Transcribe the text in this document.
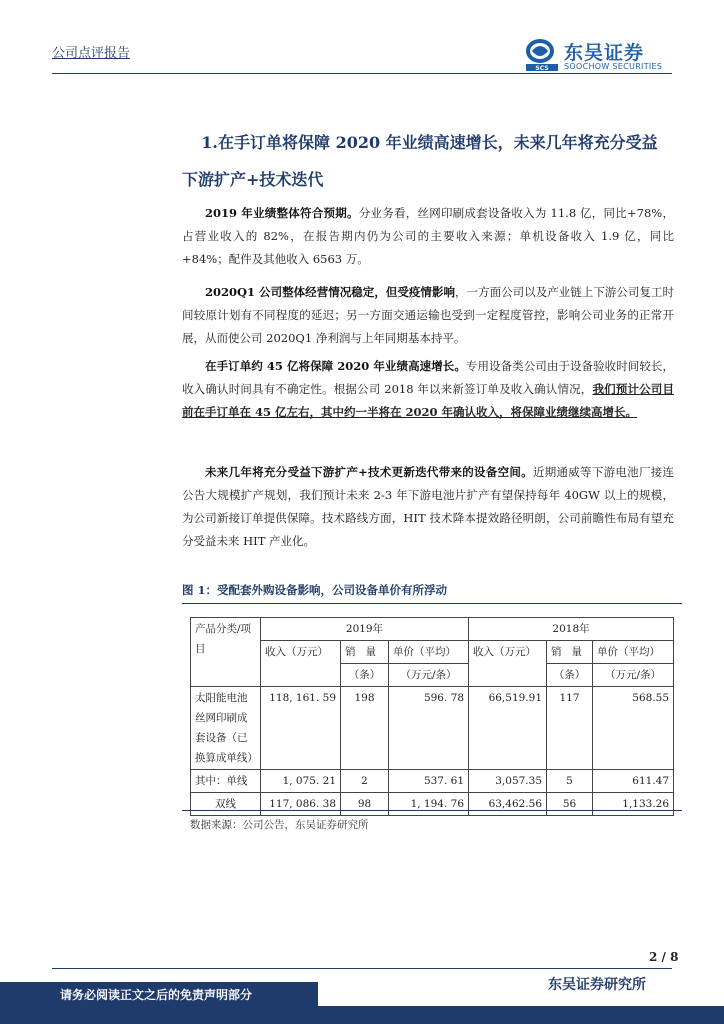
公司点评报告
SCS
东吴证券
SOOCHOW SECURITIES
1.在手订单将保障 2020 年业绩高速增长，未来几年将充分受益
下游扩产+技术迭代
2019 年业绩整体符合预期。分业务看，丝网印刷成套设备收入为 11.8 亿，同比+78%，占营业收入的 82%，在报告期内仍为公司的主要收入来源；单机设备收入 1.9 亿，同比+84%；配件及其他收入 6563 万。
2020Q1 公司整体经营情况稳定，但受疫情影响，一方面公司以及产业链上下游公司复工时间较原计划有不同程度的延迟；另一方面交通运输也受到一定程度管控，影响公司业务的正常开展，从而使公司 2020Q1 净利润与上年同期基本持平。
在手订单约 45 亿将保障 2020 年业绩高速增长。专用设备类公司由于设备验收时间较长，收入确认时间具有不确定性。根据公司 2018 年以来新签订单及收入确认情况，我们预计公司目前在手订单在 45 亿左右，其中约一半将在 2020 年确认收入，将保障业绩继续高增长。
未来几年将充分受益下游扩产+技术更新迭代带来的设备空间。近期通威等下游电池厂接连公告大规模扩产规划，我们预计未来 2-3 年下游电池片扩产有望保持每年 40GW 以上的规模，为公司新接订单提供保障。技术路线方面，HIT 技术降本提效路径明朗，公司前瞻性布局有望充分受益未来 HIT 产业化。
图 1：受配套外购设备影响，公司设备单价有所浮动
产品分类/项目	2019年			2018年		
	收入（万元）	销 量	单价（平均）	收入（万元）	销 量	单价（平均）
		（条）	（万元/条）		（条）	（万元/条）
太阳能电池丝网印刷成套设备（已换算成单线）	118, 161. 59	198	596. 78	66,519.91	117	568.55
其中：单线	1, 075. 21	2	537. 61	3,057.35	5	611.47
双线	117, 086. 38	98	1, 194. 76	63,462.56	56	1,133.26
数据来源：公司公告，东吴证券研究所
2 / 8
请务必阅读正文之后的免责声明部分
东吴证券研究所
